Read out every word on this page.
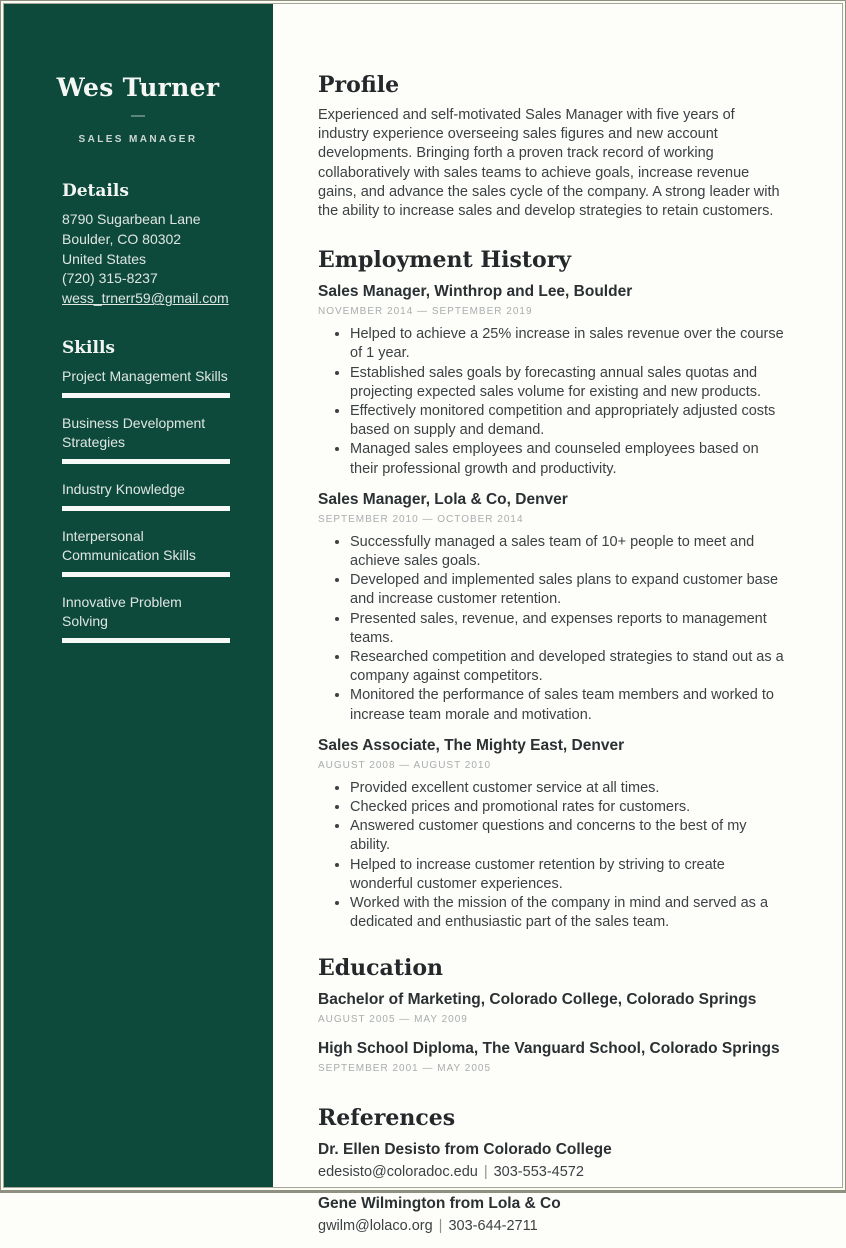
Wes Turner
SALES MANAGER
Details
8790 Sugarbean Lane
Boulder, CO 80302
United States
(720) 315-8237
wess_trnerr59@gmail.com
Skills
Project Management Skills
Business Development Strategies
Industry Knowledge
Interpersonal Communication Skills
Innovative Problem Solving
Profile

Experienced and self-motivated Sales Manager with five years of industry experience overseeing sales figures and new account developments. Bringing forth a proven track record of working collaboratively with sales teams to achieve goals, increase revenue gains, and advance the sales cycle of the company. A strong leader with the ability to increase sales and develop strategies to retain customers.

Employment History
Sales Manager, Winthrop and Lee, Boulder
NOVEMBER 2014 — SEPTEMBER 2019
• Helped to achieve a 25% increase in sales revenue over the course of 1 year.
• Established sales goals by forecasting annual sales quotas and projecting expected sales volume for existing and new products.
• Effectively monitored competition and appropriately adjusted costs based on supply and demand.
• Managed sales employees and counseled employees based on their professional growth and productivity.
Sales Manager, Lola & Co, Denver
SEPTEMBER 2010 — OCTOBER 2014
• Successfully managed a sales team of 10+ people to meet and achieve sales goals.
• Developed and implemented sales plans to expand customer base and increase customer retention.
• Presented sales, revenue, and expenses reports to management teams.
• Researched competition and developed strategies to stand out as a company against competitors.
• Monitored the performance of sales team members and worked to increase team morale and motivation.
Sales Associate, The Mighty East, Denver
AUGUST 2008 — AUGUST 2010
• Provided excellent customer service at all times.
• Checked prices and promotional rates for customers.
• Answered customer questions and concerns to the best of my ability.
• Helped to increase customer retention by striving to create wonderful customer experiences.
• Worked with the mission of the company in mind and served as a dedicated and enthusiastic part of the sales team.
Education
Bachelor of Marketing, Colorado College, Colorado Springs
AUGUST 2005 — MAY 2009
High School Diploma, The Vanguard School, Colorado Springs
SEPTEMBER 2001 — MAY 2005
References
Dr. Ellen Desisto from Colorado College
edesisto@coloradoc.edu | 303-553-4572
Gene Wilmington from Lola & Co
gwilm@lolaco.org | 303-644-2711
